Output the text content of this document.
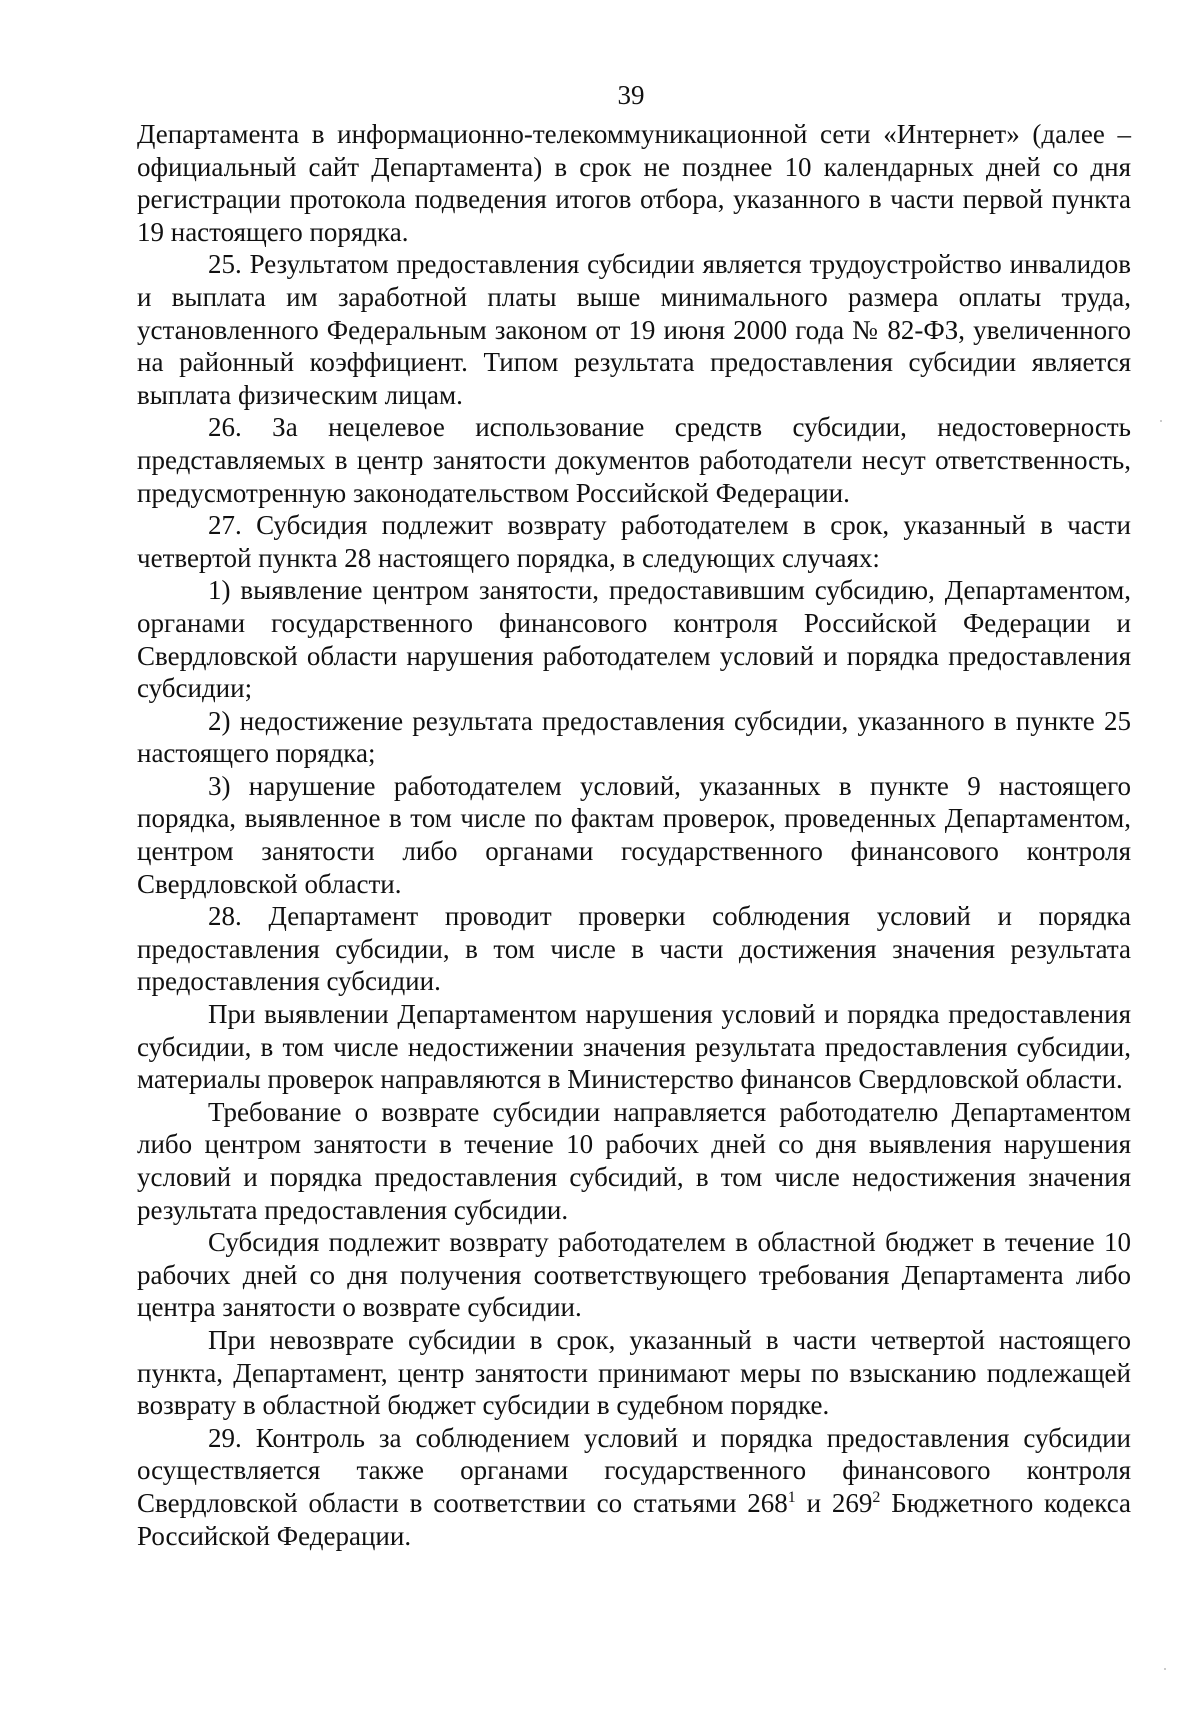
39

Департамента в информационно-телекоммуникационной сети «Интернет» (далее – официальный сайт Департамента) в срок не позднее 10 календарных дней со дня регистрации протокола подведения итогов отбора, указанного в части первой пункта 19 настоящего порядка.

25. Результатом предоставления субсидии является трудоустройство инвалидов и выплата им заработной платы выше минимального размера оплаты труда, установленного Федеральным законом от 19 июня 2000 года № 82-ФЗ, увеличенного на районный коэффициент. Типом результата предоставления субсидии является выплата физическим лицам.

26. За нецелевое использование средств субсидии, недостоверность представляемых в центр занятости документов работодатели несут ответственность, предусмотренную законодательством Российской Федерации.

27. Субсидия подлежит возврату работодателем в срок, указанный в части четвертой пункта 28 настоящего порядка, в следующих случаях:

1) выявление центром занятости, предоставившим субсидию, Департаментом, органами государственного финансового контроля Российской Федерации и Свердловской области нарушения работодателем условий и порядка предоставления субсидии;

2) недостижение результата предоставления субсидии, указанного в пункте 25 настоящего порядка;

3) нарушение работодателем условий, указанных в пункте 9 настоящего порядка, выявленное в том числе по фактам проверок, проведенных Департаментом, центром занятости либо органами государственного финансового контроля Свердловской области.

28. Департамент проводит проверки соблюдения условий и порядка предоставления субсидии, в том числе в части достижения значения результата предоставления субсидии.

При выявлении Департаментом нарушения условий и порядка предоставления субсидии, в том числе недостижении значения результата предоставления субсидии, материалы проверок направляются в Министерство финансов Свердловской области.

Требование о возврате субсидии направляется работодателю Департаментом либо центром занятости в течение 10 рабочих дней со дня выявления нарушения условий и порядка предоставления субсидий, в том числе недостижения значения результата предоставления субсидии.

Субсидия подлежит возврату работодателем в областной бюджет в течение 10 рабочих дней со дня получения соответствующего требования Департамента либо центра занятости о возврате субсидии.

При невозврате субсидии в срок, указанный в части четвертой настоящего пункта, Департамент, центр занятости принимают меры по взысканию подлежащей возврату в областной бюджет субсидии в судебном порядке.

29. Контроль за соблюдением условий и порядка предоставления субсидии осуществляется также органами государственного финансового контроля Свердловской области в соответствии со статьями $268^1$ и $269^2$ Бюджетного кодекса Российской Федерации.
